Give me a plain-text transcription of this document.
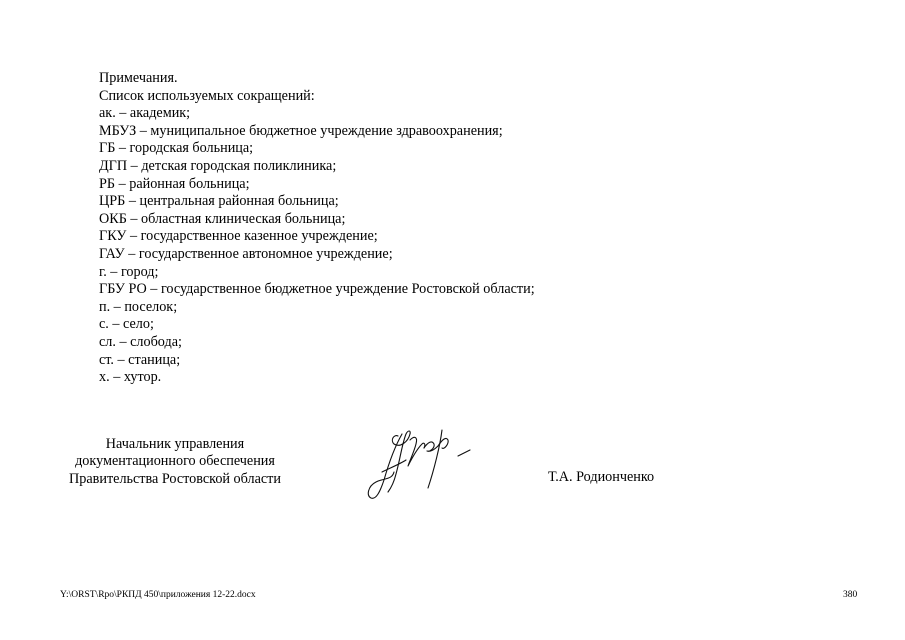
Примечания.
Список используемых сокращений:
ак. – академик;
МБУЗ – муниципальное бюджетное учреждение здравоохранения;
ГБ – городская больница;
ДГП – детская городская поликлиника;
РБ – районная больница;
ЦРБ – центральная районная больница;
ОКБ – областная клиническая больница;
ГКУ – государственное казенное учреждение;
ГАУ – государственное автономное учреждение;
г. – город;
ГБУ РО – государственное бюджетное учреждение Ростовской области;
п. – поселок;
с. – село;
сл. – слобода;
ст. – станица;
х. – хутор.
Начальник управления
документационного обеспечения
Правительства Ростовской области	Т.А. Родионченко
Y:\ORST\Rpo\РКПД 450\приложения 12-22.docx	380
